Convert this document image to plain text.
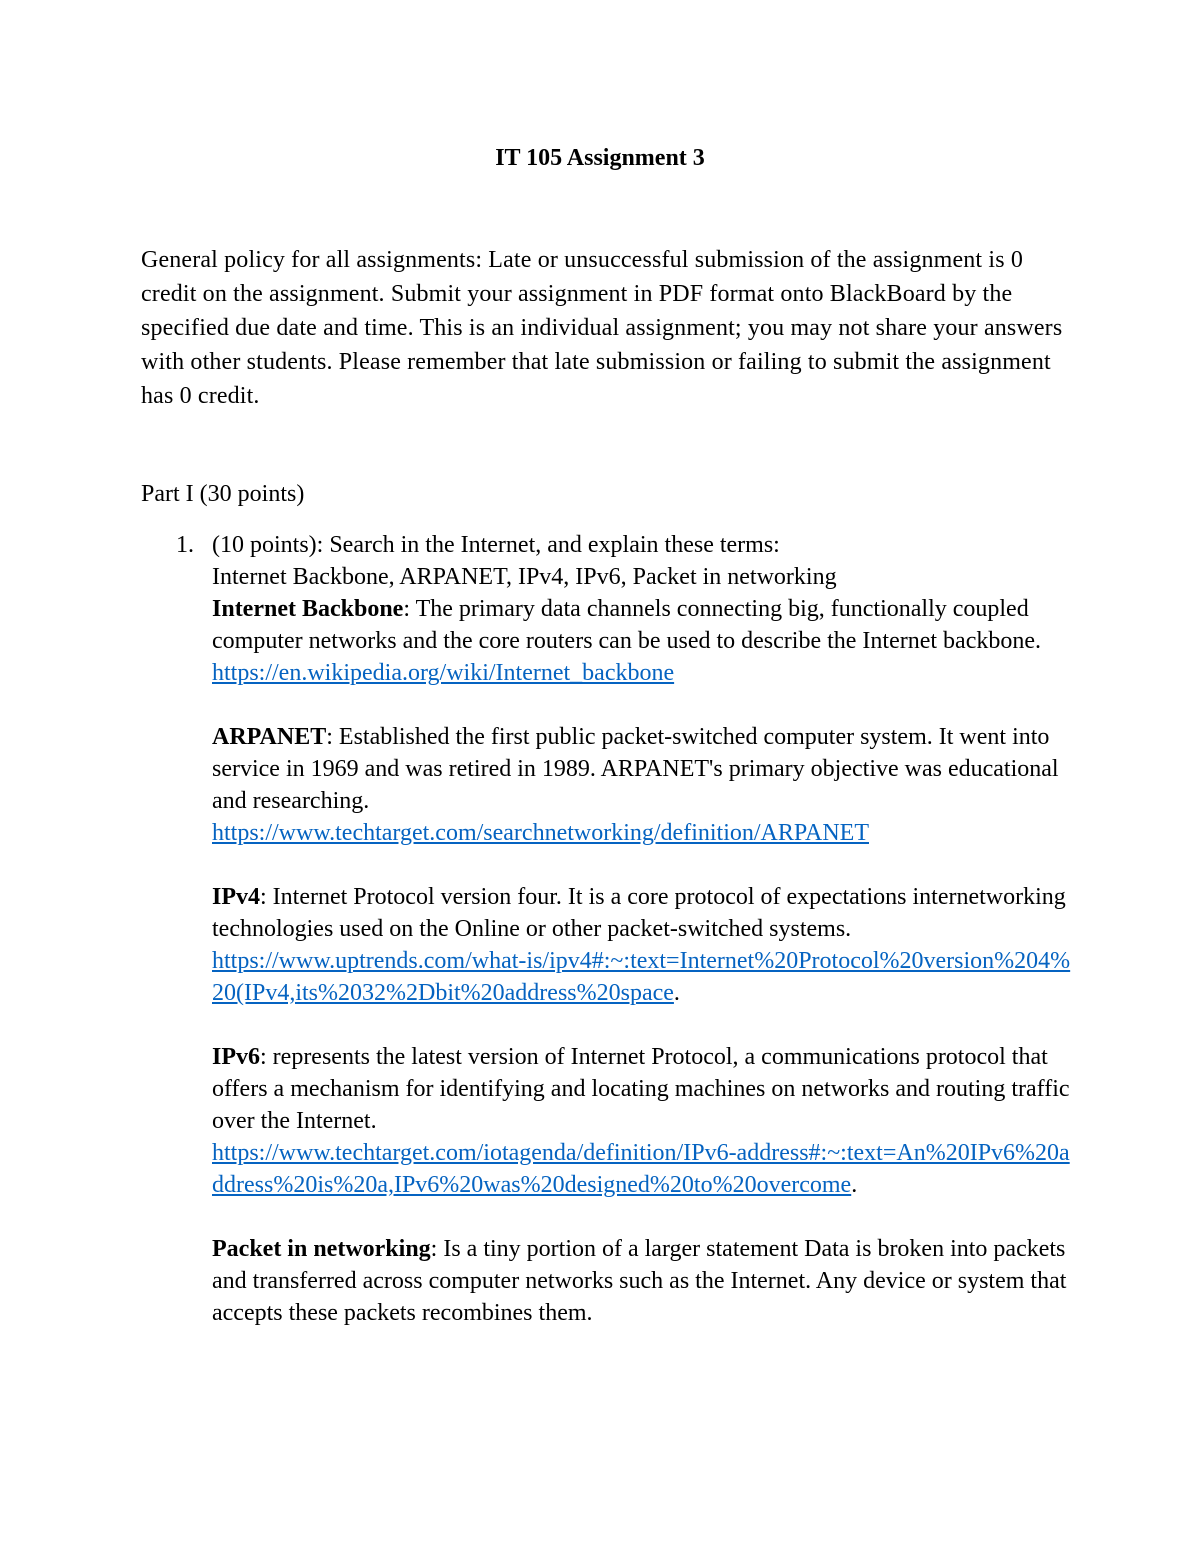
IT 105 Assignment 3
General policy for all assignments: Late or unsuccessful submission of the assignment is 0 credit on the assignment. Submit your assignment in PDF format onto BlackBoard by the specified due date and time. This is an individual assignment; you may not share your answers with other students. Please remember that late submission or failing to submit the assignment has 0 credit.
Part I (30 points)
1. (10 points): Search in the Internet, and explain these terms:

Internet Backbone, ARPANET, IPv4, IPv6, Packet in networking

Internet Backbone: The primary data channels connecting big, functionally coupled computer networks and the core routers can be used to describe the Internet backbone.

https://en.wikipedia.org/wiki/Internet_backbone

ARPANET: Established the first public packet-switched computer system. It went into service in 1969 and was retired in 1989. ARPANET's primary objective was educational and researching.

https://www.techtarget.com/searchnetworking/definition/ARPANET

IPv4: Internet Protocol version four. It is a core protocol of expectations internetworking technologies used on the Online or other packet-switched systems.

https://www.uptrends.com/what-is/ipv4#:~:text=Internet%20Protocol%20version%204%20(IPv4,its%2032%2Dbit%20address%20space.

IPv6: represents the latest version of Internet Protocol, a communications protocol that offers a mechanism for identifying and locating machines on networks and routing traffic over the Internet.

https://www.techtarget.com/iotagenda/definition/IPv6-address#:~:text=An%20IPv6%20address%20is%20a,IPv6%20was%20designed%20to%20overcome.

Packet in networking: Is a tiny portion of a larger statement Data is broken into packets and transferred across computer networks such as the Internet. Any device or system that accepts these packets recombines them.
